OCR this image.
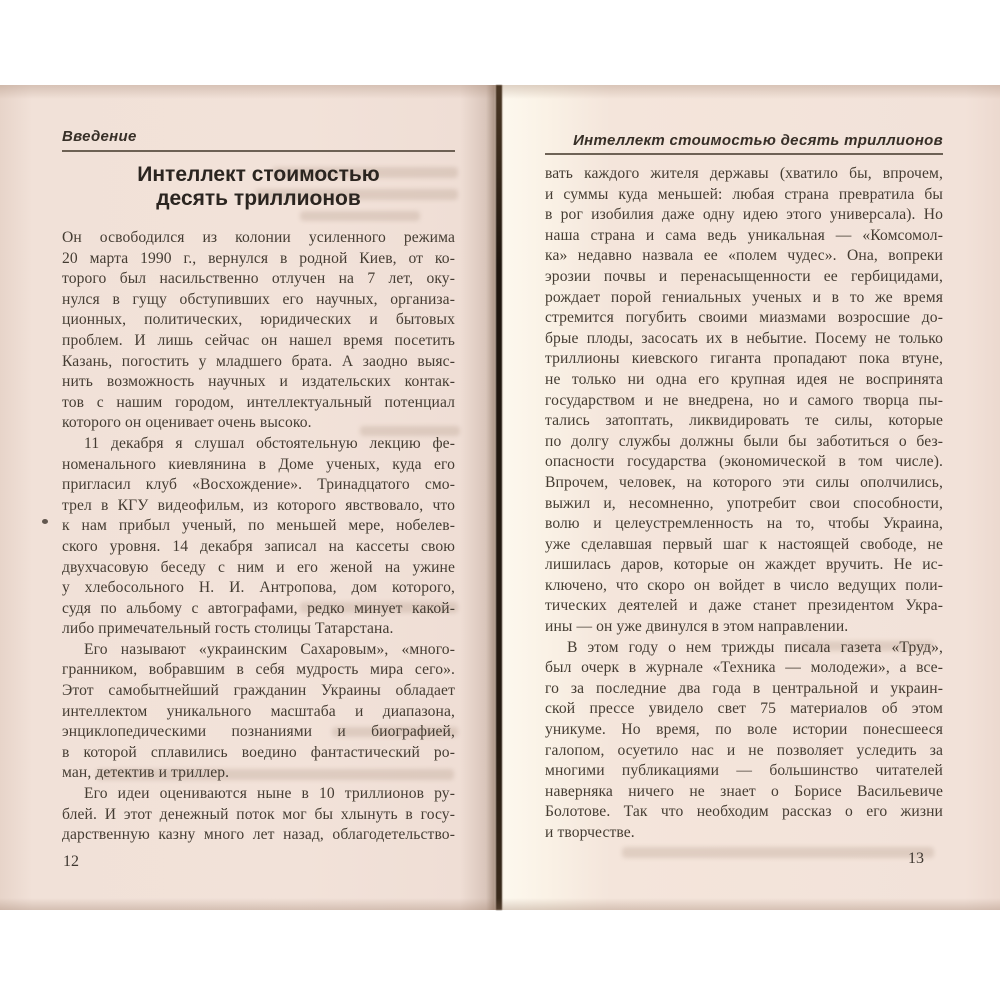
Введение
Интеллект стоимостью
десять триллионов
Он освободился из колонии усиленного режима
20 марта 1990 г., вернулся в родной Киев, от ко-
торого был насильственно отлучен на 7 лет, оку-
нулся в гущу обступивших его научных, организа-
ционных, политических, юридических и бытовых
проблем. И лишь сейчас он нашел время посетить
Казань, погостить у младшего брата. А заодно выяс-
нить возможность научных и издательских контак-
тов с нашим городом, интеллектуальный потенциал
которого он оценивает очень высоко.
11 декабря я слушал обстоятельную лекцию фе-
номенального киевлянина в Доме ученых, куда его
пригласил клуб «Восхождение». Тринадцатого смо-
трел в КГУ видеофильм, из которого явствовало, что
к нам прибыл ученый, по меньшей мере, нобелев-
ского уровня. 14 декабря записал на кассеты свою
двухчасовую беседу с ним и его женой на ужине
у хлебосольного Н. И. Антропова, дом которого,
судя по альбому с автографами, редко минует какой-
либо примечательный гость столицы Татарстана.
Его называют «украинским Сахаровым», «много-
гранником, вобравшим в себя мудрость мира сего».
Этот самобытнейший гражданин Украины обладает
интеллектом уникального масштаба и диапазона,
энциклопедическими познаниями и биографией,
в которой сплавились воедино фантастический ро-
ман, детектив и триллер.
Его идеи оцениваются ныне в 10 триллионов ру-
блей. И этот денежный поток мог бы хлынуть в госу-
дарственную казну много лет назад, облагодетельство-
Интеллект стоимостью десять триллионов
вать каждого жителя державы (хватило бы, впрочем,
и суммы куда меньшей: любая страна превратила бы
в рог изобилия даже одну идею этого универсала). Но
наша страна и сама ведь уникальная — «Комсомол-
ка» недавно назвала ее «полем чудес». Она, вопреки
эрозии почвы и перенасыщенности ее гербицидами,
рождает порой гениальных ученых и в то же время
стремится погубить своими миазмами возросшие до-
брые плоды, засосать их в небытие. Посему не только
триллионы киевского гиганта пропадают пока втуне,
не только ни одна его крупная идея не воспринята
государством и не внедрена, но и самого творца пы-
тались затоптать, ликвидировать те силы, которые
по долгу службы должны были бы заботиться о без-
опасности государства (экономической в том числе).
Впрочем, человек, на которого эти силы ополчились,
выжил и, несомненно, употребит свои способности,
волю и целеустремленность на то, чтобы Украина,
уже сделавшая первый шаг к настоящей свободе, не
лишилась даров, которые он жаждет вручить. Не ис-
ключено, что скоро он войдет в число ведущих поли-
тических деятелей и даже станет президентом Укра-
ины — он уже двинулся в этом направлении.
В этом году о нем трижды писала газета «Труд»,
был очерк в журнале «Техника — молодежи», а все-
го за последние два года в центральной и украин-
ской прессе увидело свет 75 материалов об этом
уникуме. Но время, по воле истории понесшееся
галопом, осуетило нас и не позволяет уследить за
многими публикациями — большинство читателей
наверняка ничего не знает о Борисе Васильевиче
Болотове. Так что необходим рассказ о его жизни
и творчестве.
12	13
